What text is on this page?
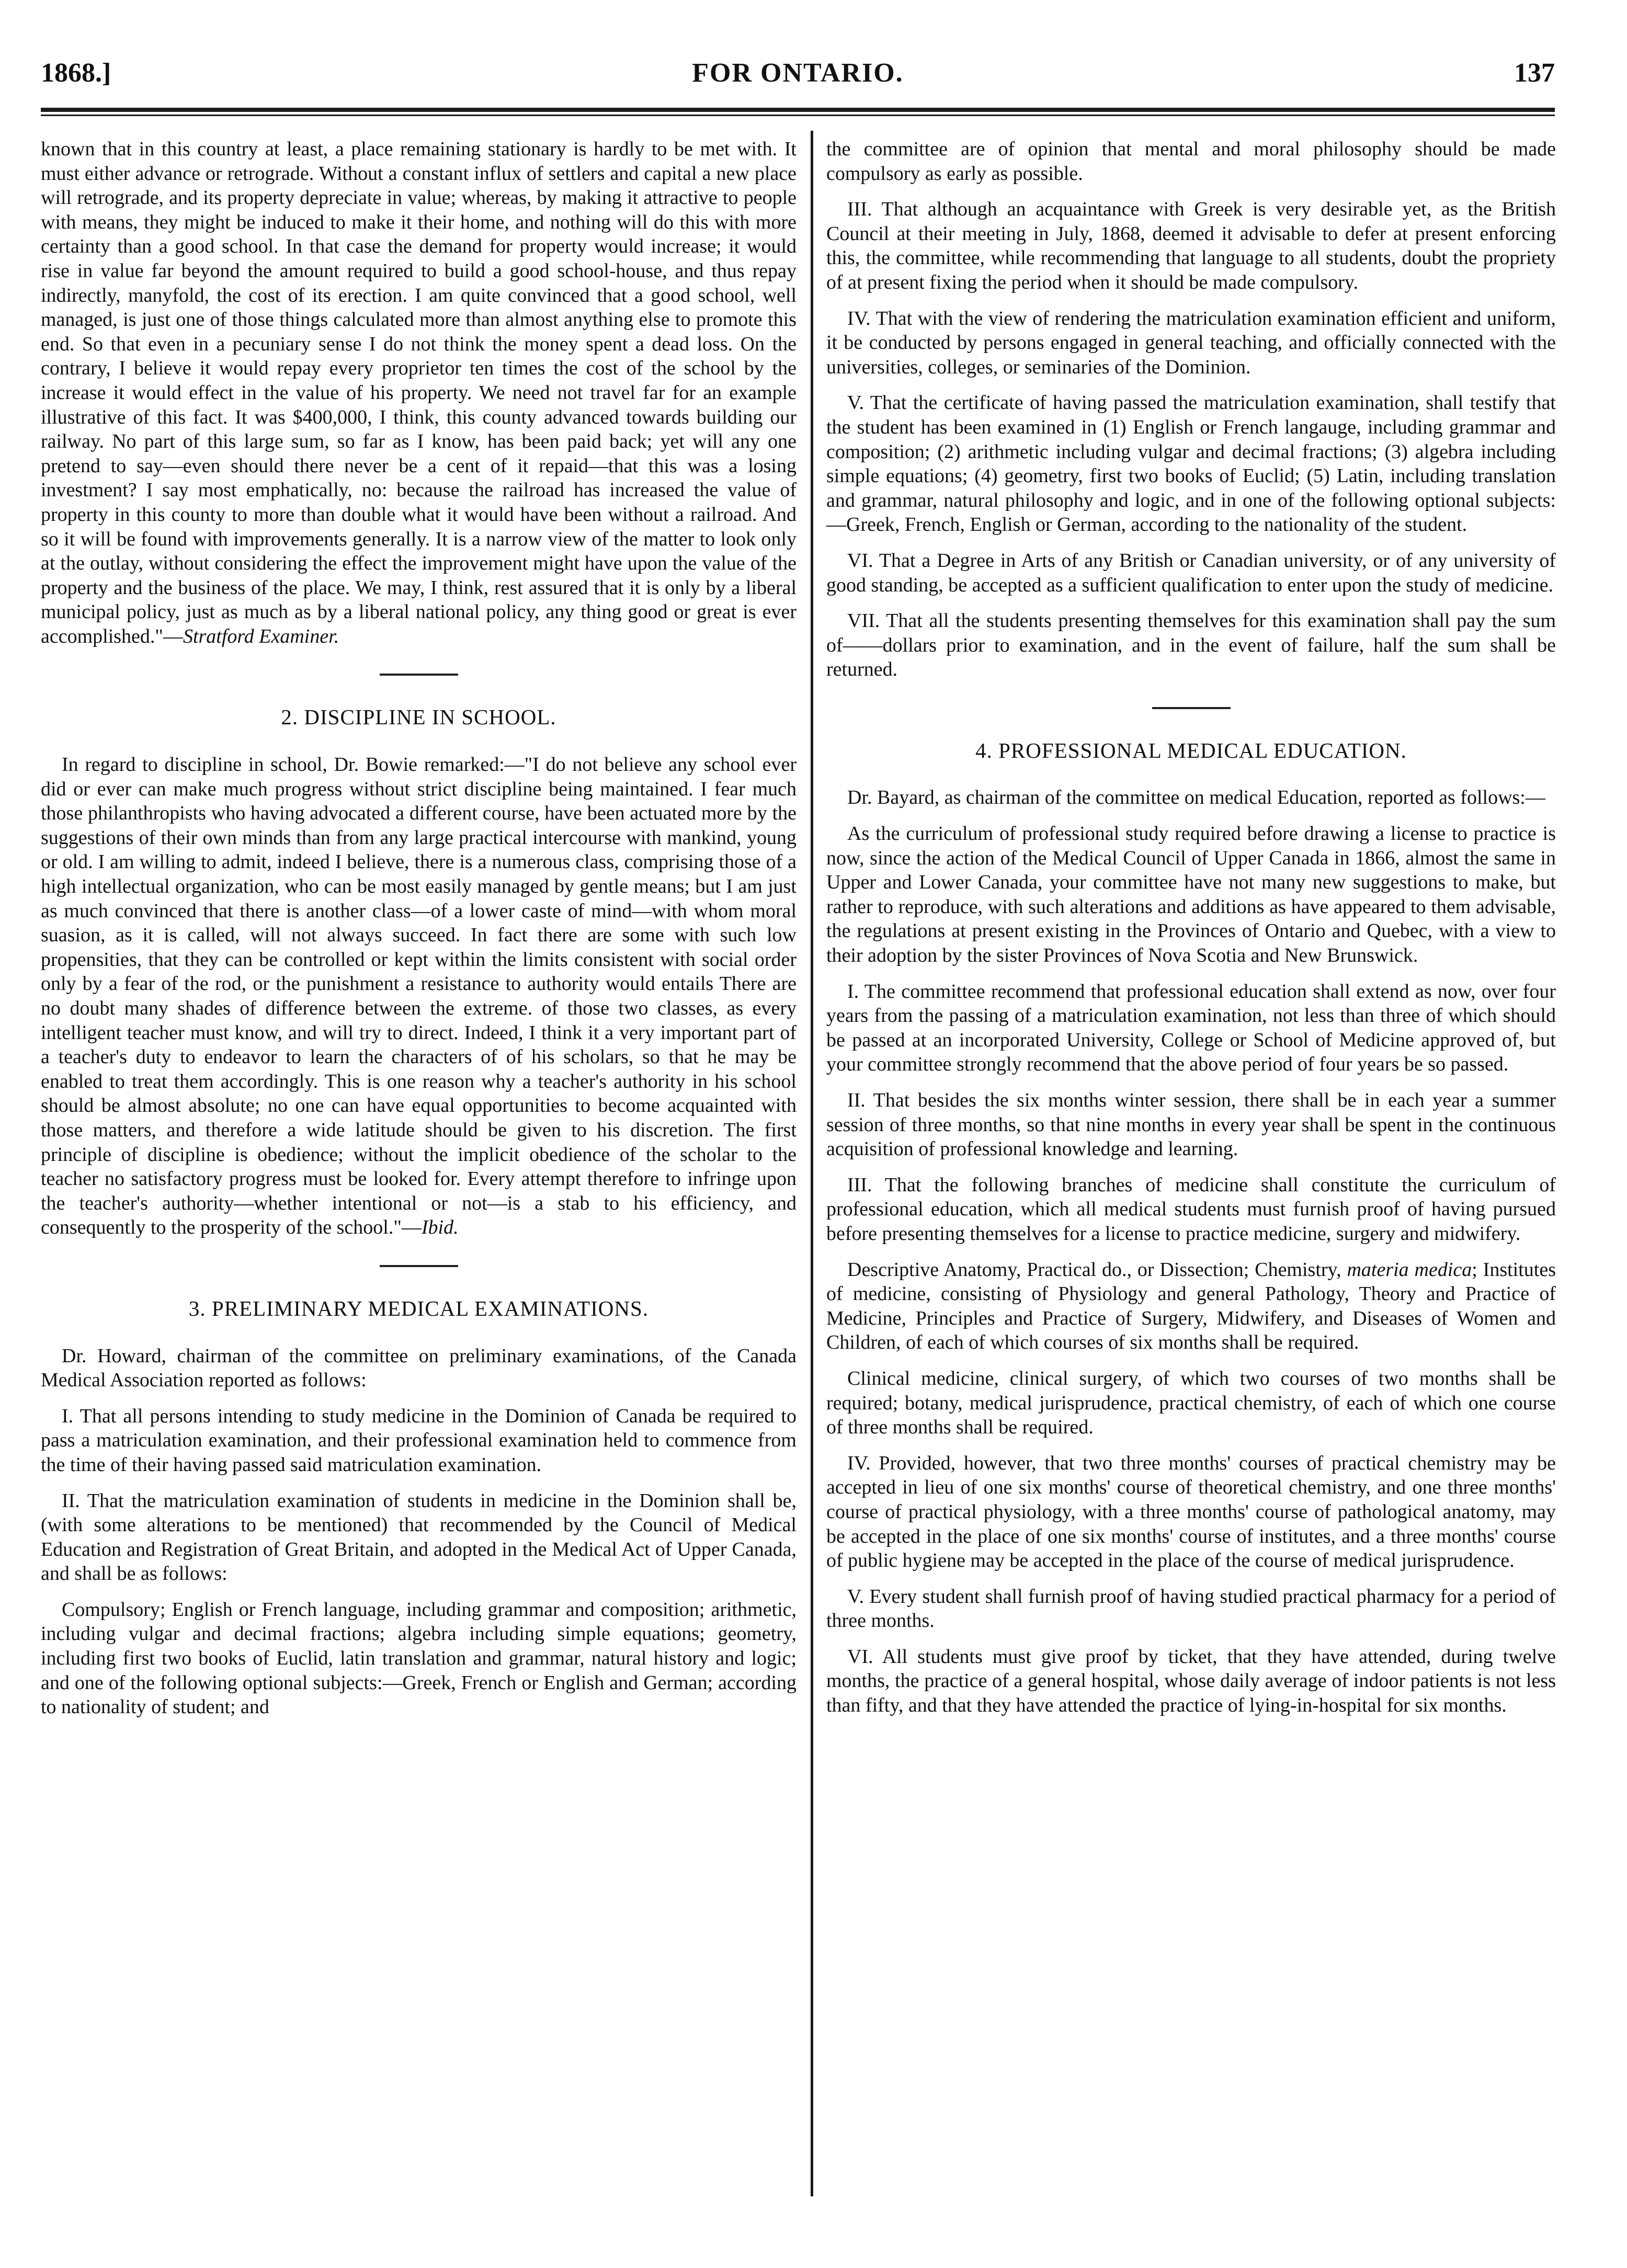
1868.]	FOR ONTARIO.	137

known that in this country at least, a place remaining stationary is hardly to be met with. It must either advance or retrograde. Without a constant influx of settlers and capital a new place will retrograde, and its property depreciate in value; whereas, by making it attractive to people with means, they might be induced to make it their home, and nothing will do this with more certainty than a good school. In that case the demand for property would increase; it would rise in value far beyond the amount required to build a good school-house, and thus repay indirectly, manyfold, the cost of its erection. I am quite convinced that a good school, well managed, is just one of those things calculated more than almost anything else to promote this end. So that even in a pecuniary sense I do not think the money spent a dead loss. On the contrary, I believe it would repay every proprietor ten times the cost of the school by the increase it would effect in the value of his property. We need not travel far for an example illustrative of this fact. It was $400,000, I think, this county advanced towards building our railway. No part of this large sum, so far as I know, has been paid back; yet will any one pretend to say—even should there never be a cent of it repaid—that this was a losing investment? I say most emphatically, no: because the railroad has increased the value of property in this county to more than double what it would have been without a railroad. And so it will be found with improvements generally. It is a narrow view of the matter to look only at the outlay, without considering the effect the improvement might have upon the value of the property and the business of the place. We may, I think, rest assured that it is only by a liberal municipal policy, just as much as by a liberal national policy, any thing good or great is ever accomplished."—Stratford Examiner.

2. DISCIPLINE IN SCHOOL.

In regard to discipline in school, Dr. Bowie remarked:—"I do not believe any school ever did or ever can make much progress without strict discipline being maintained. I fear much those philanthropists who having advocated a different course, have been actuated more by the suggestions of their own minds than from any large practical intercourse with mankind, young or old. I am willing to admit, indeed I believe, there is a numerous class, comprising those of a high intellectual organization, who can be most easily managed by gentle means; but I am just as much convinced that there is another class—of a lower caste of mind—with whom moral suasion, as it is called, will not always succeed. In fact there are some with such low propensities, that they can be controlled or kept within the limits consistent with social order only by a fear of the rod, or the punishment a resistance to authority would entails There are no doubt many shades of difference between the extreme. of those two classes, as every intelligent teacher must know, and will try to direct. Indeed, I think it a very important part of a teacher's duty to endeavor to learn the characters of of his scholars, so that he may be enabled to treat them accordingly. This is one reason why a teacher's authority in his school should be almost absolute; no one can have equal opportunities to become acquainted with those matters, and therefore a wide latitude should be given to his discretion. The first principle of discipline is obedience; without the implicit obedience of the scholar to the teacher no satisfactory progress must be looked for. Every attempt therefore to infringe upon the teacher's authority—whether intentional or not—is a stab to his efficiency, and consequently to the prosperity of the school."—Ibid.

3. PRELIMINARY MEDICAL EXAMINATIONS.

Dr. Howard, chairman of the committee on preliminary examinations, of the Canada Medical Association reported as follows:

I. That all persons intending to study medicine in the Dominion of Canada be required to pass a matriculation examination, and their professional examination held to commence from the time of their having passed said matriculation examination.

II. That the matriculation examination of students in medicine in the Dominion shall be, (with some alterations to be mentioned) that recommended by the Council of Medical Education and Registration of Great Britain, and adopted in the Medical Act of Upper Canada, and shall be as follows:

Compulsory; English or French language, including grammar and composition; arithmetic, including vulgar and decimal fractions; algebra including simple equations; geometry, including first two books of Euclid, latin translation and grammar, natural history and logic; and one of the following optional subjects:—Greek, French or English and German; according to nationality of student; and

the committee are of opinion that mental and moral philosophy should be made compulsory as early as possible.

III. That although an acquaintance with Greek is very desirable yet, as the British Council at their meeting in July, 1868, deemed it advisable to defer at present enforcing this, the committee, while recommending that language to all students, doubt the propriety of at present fixing the period when it should be made compulsory.

IV. That with the view of rendering the matriculation examination efficient and uniform, it be conducted by persons engaged in general teaching, and officially connected with the universities, colleges, or seminaries of the Dominion.

V. That the certificate of having passed the matriculation examination, shall testify that the student has been examined in (1) English or French langauge, including grammar and composition; (2) arithmetic including vulgar and decimal fractions; (3) algebra including simple equations; (4) geometry, first two books of Euclid; (5) Latin, including translation and grammar, natural philosophy and logic, and in one of the following optional subjects:—Greek, French, English or German, according to the nationality of the student.

VI. That a Degree in Arts of any British or Canadian university, or of any university of good standing, be accepted as a sufficient qualification to enter upon the study of medicine.

VII. That all the students presenting themselves for this examination shall pay the sum of——dollars prior to examination, and in the event of failure, half the sum shall be returned.

4. PROFESSIONAL MEDICAL EDUCATION.

Dr. Bayard, as chairman of the committee on medical Education, reported as follows:—

As the curriculum of professional study required before drawing a license to practice is now, since the action of the Medical Council of Upper Canada in 1866, almost the same in Upper and Lower Canada, your committee have not many new suggestions to make, but rather to reproduce, with such alterations and additions as have appeared to them advisable, the regulations at present existing in the Provinces of Ontario and Quebec, with a view to their adoption by the sister Provinces of Nova Scotia and New Brunswick.

I. The committee recommend that professional education shall extend as now, over four years from the passing of a matriculation examination, not less than three of which should be passed at an incorporated University, College or School of Medicine approved of, but your committee strongly recommend that the above period of four years be so passed.

II. That besides the six months winter session, there shall be in each year a summer session of three months, so that nine months in every year shall be spent in the continuous acquisition of professional knowledge and learning.

III. That the following branches of medicine shall constitute the curriculum of professional education, which all medical students must furnish proof of having pursued before presenting themselves for a license to practice medicine, surgery and midwifery.

Descriptive Anatomy, Practical do., or Dissection; Chemistry, materia medica; Institutes of medicine, consisting of Physiology and general Pathology, Theory and Practice of Medicine, Principles and Practice of Surgery, Midwifery, and Diseases of Women and Children, of each of which courses of six months shall be required.

Clinical medicine, clinical surgery, of which two courses of two months shall be required; botany, medical jurisprudence, practical chemistry, of each of which one course of three months shall be required.

IV. Provided, however, that two three months' courses of practical chemistry may be accepted in lieu of one six months' course of theoretical chemistry, and one three months' course of practical physiology, with a three months' course of pathological anatomy, may be accepted in the place of one six months' course of institutes, and a three months' course of public hygiene may be accepted in the place of the course of medical jurisprudence.

V. Every student shall furnish proof of having studied practical pharmacy for a period of three months.

VI. All students must give proof by ticket, that they have attended, during twelve months, the practice of a general hospital, whose daily average of indoor patients is not less than fifty, and that they have attended the practice of lying-in-hospital for six months.
